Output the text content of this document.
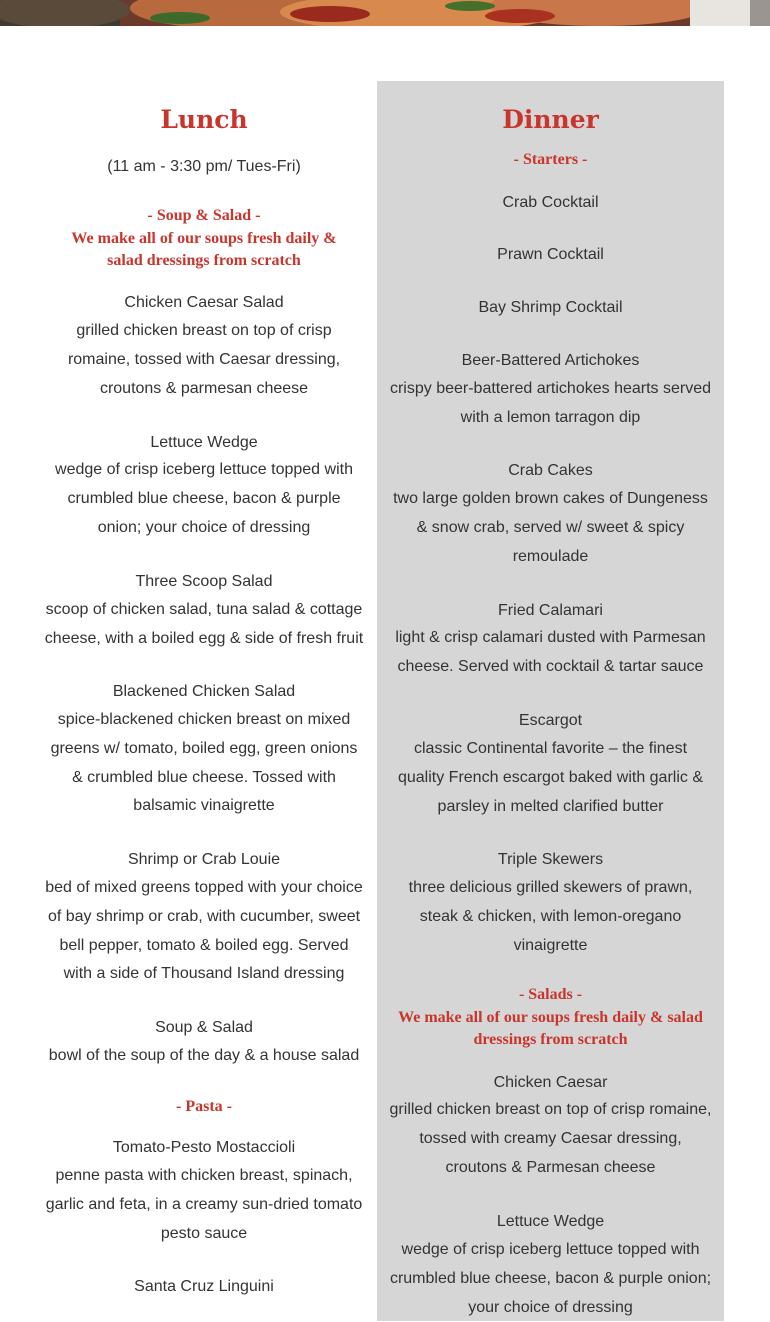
Lunch
(11 am - 3:30 pm/ Tues-Fri)
- Soup & Salad -
We make all of our soups fresh daily & salad dressings from scratch
Chicken Caesar Salad
grilled chicken breast on top of crisp romaine, tossed with Caesar dressing, croutons & parmesan cheese
Lettuce Wedge
wedge of crisp iceberg lettuce topped with crumbled blue cheese, bacon & purple onion; your choice of dressing
Three Scoop Salad
scoop of chicken salad, tuna salad & cottage cheese, with a boiled egg & side of fresh fruit
Blackened Chicken Salad
spice-blackened chicken breast on mixed greens w/ tomato, boiled egg, green onions & crumbled blue cheese. Tossed with balsamic vinaigrette
Shrimp or Crab Louie
bed of mixed greens topped with your choice of bay shrimp or crab, with cucumber, sweet bell pepper, tomato & boiled egg. Served with a side of Thousand Island dressing
Soup & Salad
bowl of the soup of the day & a house salad
- Pasta -
Tomato-Pesto Mostaccioli
penne pasta with chicken breast, spinach, garlic and feta, in a creamy sun-dried tomato pesto sauce
Santa Cruz Linguini
Dinner
- Starters -
Crab Cocktail
Prawn Cocktail
Bay Shrimp Cocktail
Beer-Battered Artichokes
crispy beer-battered artichokes hearts served with a lemon tarragon dip
Crab Cakes
two large golden brown cakes of Dungeness & snow crab, served w/ sweet & spicy remoulade
Fried Calamari
light & crisp calamari dusted with Parmesan cheese. Served with cocktail & tartar sauce
Escargot
classic Continental favorite – the finest quality French escargot baked with garlic & parsley in melted clarified butter
Triple Skewers
three delicious grilled skewers of prawn, steak & chicken, with lemon-oregano vinaigrette
- Salads -
We make all of our soups fresh daily & salad dressings from scratch
Chicken Caesar
grilled chicken breast on top of crisp romaine, tossed with creamy Caesar dressing, croutons & Parmesan cheese
Lettuce Wedge
wedge of crisp iceberg lettuce topped with crumbled blue cheese, bacon & purple onion; your choice of dressing
